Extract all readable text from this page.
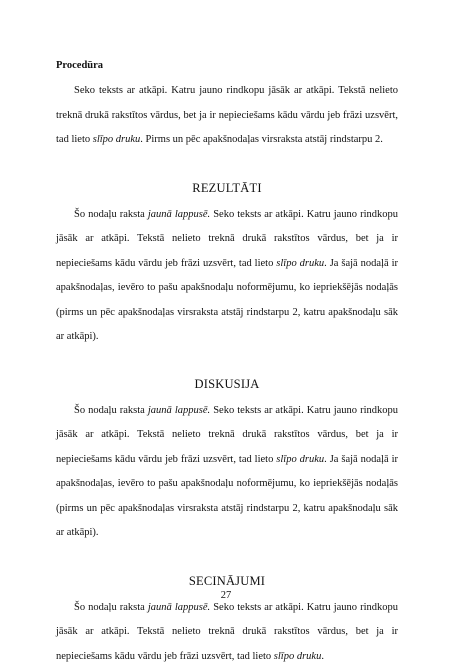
Procedūra

Seko teksts ar atkāpi. Katru jauno rindkopu jāsāk ar atkāpi. Tekstā nelieto treknā drukā rakstītos vārdus, bet ja ir nepieciešams kādu vārdu jeb frāzi uzsvērt, tad lieto slīpo druku. Pirms un pēc apakšnodaļas virsraksta atstāj rindstarpu 2.

REZULTĀTI

Šo nodaļu raksta jaunā lappusē. Seko teksts ar atkāpi. Katru jauno rindkopu jāsāk ar atkāpi. Tekstā nelieto treknā drukā rakstītos vārdus, bet ja ir nepieciešams kādu vārdu jeb frāzi uzsvērt, tad lieto slīpo druku. Ja šajā nodaļā ir apakšnodaļas, ievēro to pašu apakšnodaļu noformējumu, ko iepriekšējās nodaļās (pirms un pēc apakšnodaļas virsraksta atstāj rindstarpu 2, katru apakšnodaļu sāk ar atkāpi).

DISKUSIJA

Šo nodaļu raksta jaunā lappusē. Seko teksts ar atkāpi. Katru jauno rindkopu jāsāk ar atkāpi. Tekstā nelieto treknā drukā rakstītos vārdus, bet ja ir nepieciešams kādu vārdu jeb frāzi uzsvērt, tad lieto slīpo druku. Ja šajā nodaļā ir apakšnodaļas, ievēro to pašu apakšnodaļu noformējumu, ko iepriekšējās nodaļās (pirms un pēc apakšnodaļas virsraksta atstāj rindstarpu 2, katru apakšnodaļu sāk ar atkāpi).

SECINĀJUMI

Šo nodaļu raksta jaunā lappusē. Seko teksts ar atkāpi. Katru jauno rindkopu jāsāk ar atkāpi. Tekstā nelieto treknā drukā rakstītos vārdus, bet ja ir nepieciešams kādu vārdu jeb frāzi uzsvērt, tad lieto slīpo druku.

27
